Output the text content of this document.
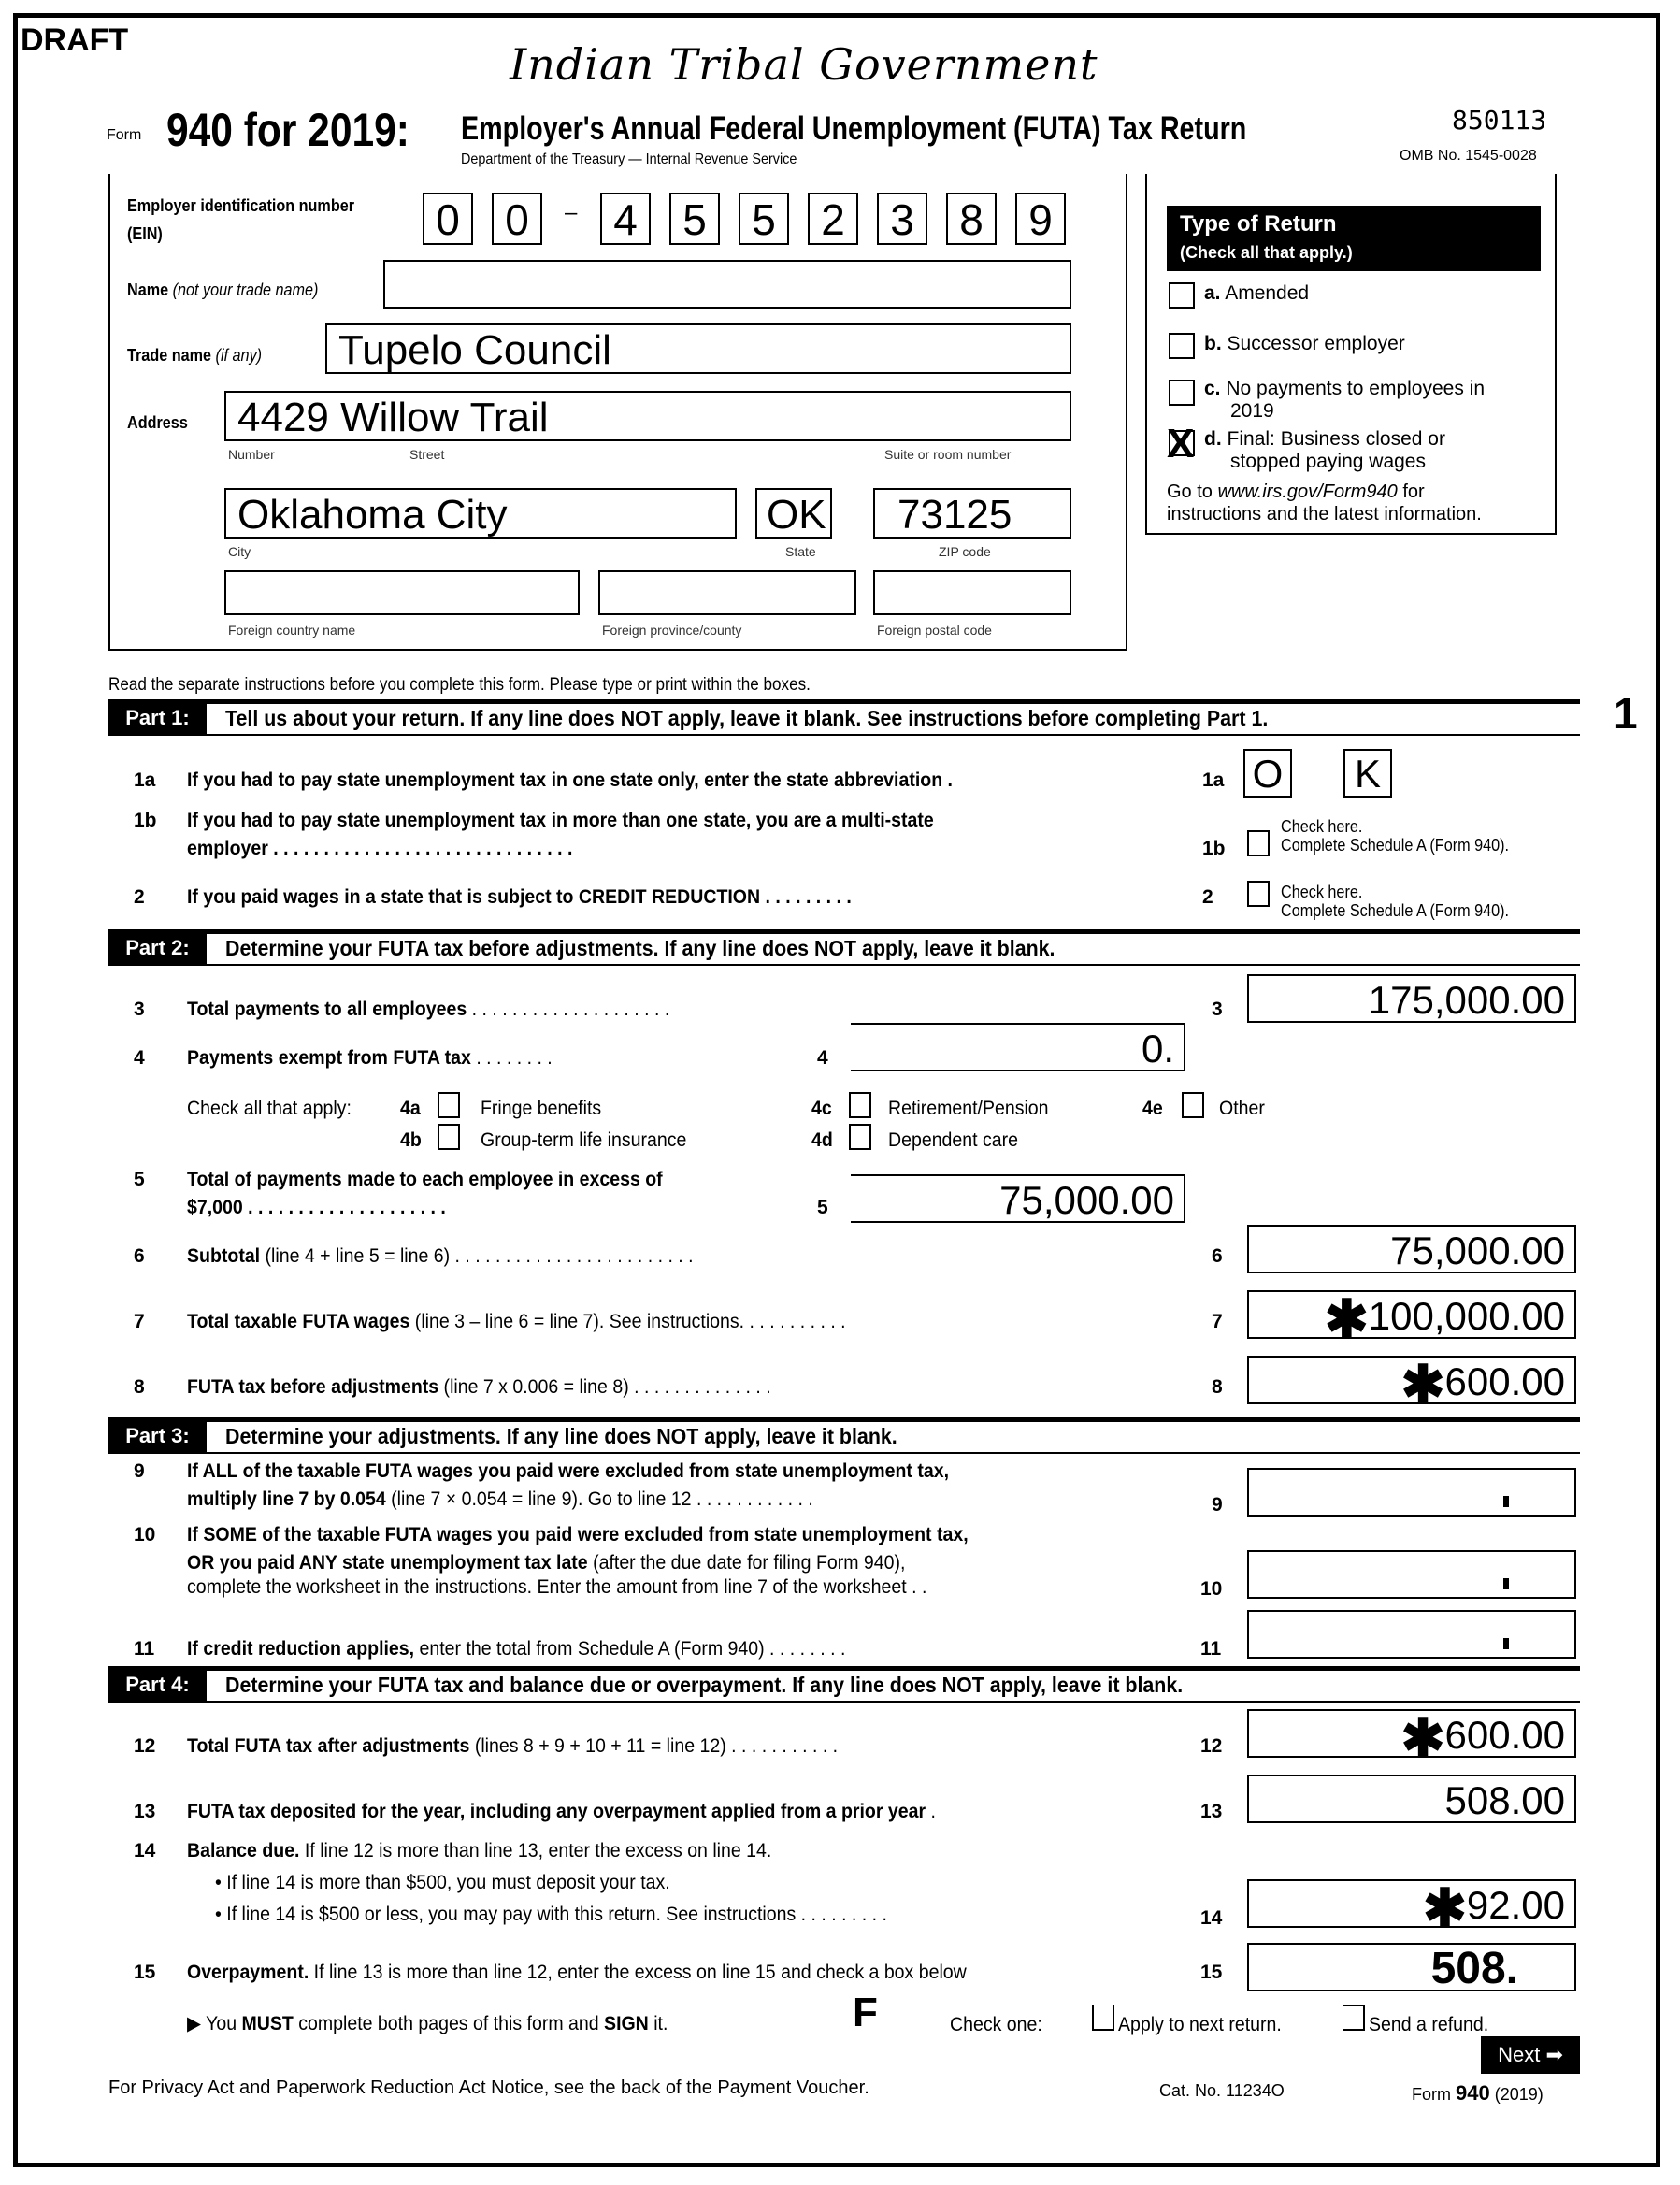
DRAFT	Indian Tribal Government
Form 940 for 2019: Employer's Annual Federal Unemployment (FUTA) Tax Return
Department of the Treasury — Internal Revenue Service
850113
OMB No. 1545-0028
Employer identification number
(EIN)	0	0	– 4	5	5	2	3	8	9
Name (not your trade name)
Trade name (if any) Tupelo Council
Address 4429 Willow Trail
Number	Street	Suite or room number
Oklahoma City	OK 73125
City	State	ZIP code
Foreign country name	Foreign province/county	Foreign postal code
Type of Return
(Check all that apply.)
a. Amended
b. Successor employer
c. No payments to employees in
2019
X d. Final: Business closed or
stopped paying wages
Go to www.irs.gov/Form940 for
instructions and the latest information.
Read the separate instructions before you complete this form. Please type or print within the boxes.
1
Part 1:	Tell us about your return. If any line does NOT apply, leave it blank. See instructions before completing Part 1.
1a If you had to pay state unemployment tax in one state only, enter the state abbreviation .	1a O K
1b If you had to pay state unemployment tax in more than one state, you are a multi-state
employer . . . . . . . . . . . . . . . . . . . . . . . . . . . . . .	1b
Check here.
Complete Schedule A (Form 940).
2 If you paid wages in a state that is subject to CREDIT REDUCTION . . . . . . . . .	2	Check here.
Complete Schedule A (Form 940).
Part 2:	Determine your FUTA tax before adjustments. If any line does NOT apply, leave it blank.
3 Total payments to all employees . . . . . . . . . . . . . . . . . . . .	3	175,000.00
4 Payments exempt from FUTA tax . . . . . . . .	4	0.
Check all that apply: 4a	Fringe benefits
4b	Group-term life insurance
4c	Retirement/Pension
4d	Dependent care
4e	Other
5 Total of payments made to each employee in excess of
$7,000 . . . . . . . . . . . . . . . . . . . .	5	75,000.00
6 Subtotal (line 4 + line 5 = line 6) . . . . . . . . . . . . . . . . . . . . . . . .	6	75,000.00
7 Total taxable FUTA wages (line 3 – line 6 = line 7). See instructions. . . . . . . . . . .	7 ✱100,000.00
8 FUTA tax before adjustments (line 7 x 0.006 = line 8) . . . . . . . . . . . . . .	8	✱600.00
Part 3:	Determine your adjustments. If any line does NOT apply, leave it blank.
9 If ALL of the taxable FUTA wages you paid were excluded from state unemployment tax,
multiply line 7 by 0.054 (line 7 × 0.054 = line 9). Go to line 12 . . . . . . . . . . . .	9
10 If SOME of the taxable FUTA wages you paid were excluded from state unemployment tax,
OR you paid ANY state unemployment tax late (after the due date for filing Form 940),
complete the worksheet in the instructions. Enter the amount from line 7 of the worksheet . .	10
11 If credit reduction applies, enter the total from Schedule A (Form 940) . . . . . . . .	11
Part 4:	Determine your FUTA tax and balance due or overpayment. If any line does NOT apply, leave it blank.
12 Total FUTA tax after adjustments (lines 8 + 9 + 10 + 11 = line 12) . . . . . . . . . . .	12	✱600.00
13 FUTA tax deposited for the year, including any overpayment applied from a prior year .	13	508.00
14 Balance due. If line 12 is more than line 13, enter the excess on line 14.
• If line 14 is more than $500, you must deposit your tax.
• If line 14 is $500 or less, you may pay with this return. See instructions . . . . . . . . .	14	✱92.00
15 Overpayment. If line 13 is more than line 12, enter the excess on line 15 and check a box below	15	508.
▶ You MUST complete both pages of this form and SIGN it.	F	Check one:	Apply to next return.	Send a refund.
Next ➡
For Privacy Act and Paperwork Reduction Act Notice, see the back of the Payment Voucher.	Cat. No. 11234O	Form 940 (2019)
